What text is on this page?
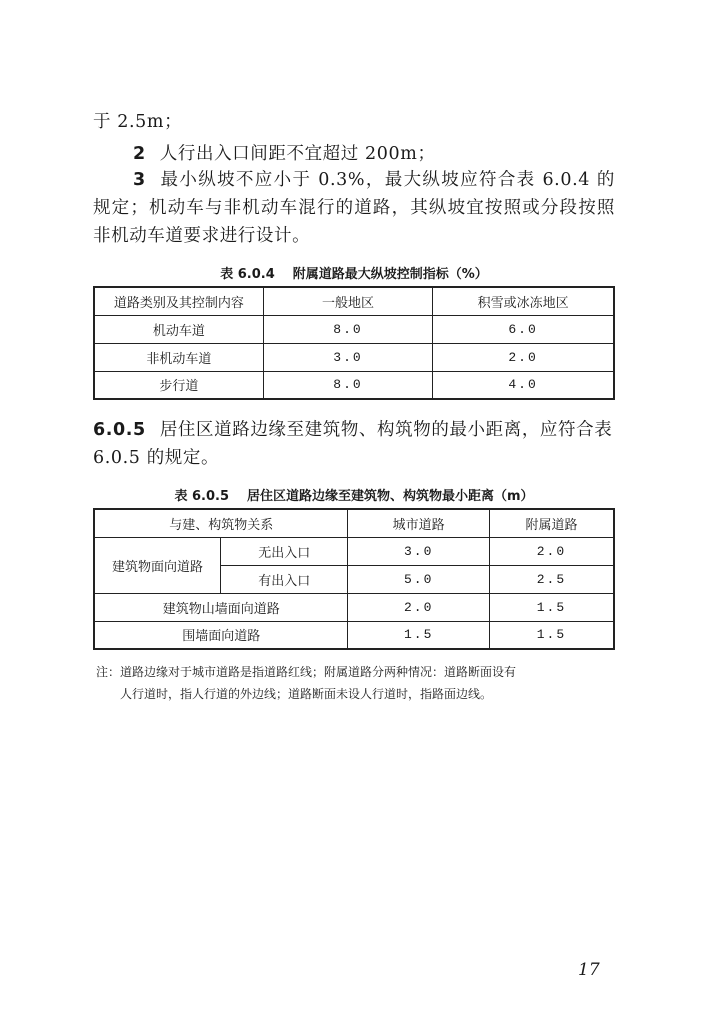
于 2.5m；
2 人行出入口间距不宜超过 200m；
3 最小纵坡不应小于 0.3%，最大纵坡应符合表 6.0.4 的规定；机动车与非机动车混行的道路，其纵坡宜按照或分段按照非机动车道要求进行设计。
表 6.0.4 附属道路最大纵坡控制指标（%）
道路类别及其控制内容	一般地区	积雪或冰冻地区
机动车道	8.0	6.0
非机动车道	3.0	2.0
步行道	8.0	4.0
6.0.5 居住区道路边缘至建筑物、构筑物的最小距离，应符合表 6.0.5 的规定。
表 6.0.5 居住区道路边缘至建筑物、构筑物最小距离（m）
与建、构筑物关系		城市道路	附属道路
建筑物面向道路	无出入口	3.0	2.0
	有出入口	5.0	2.5
建筑物山墙面向道路		2.0	1.5
围墙面向道路		1.5	1.5
注：道路边缘对于城市道路是指道路红线；附属道路分两种情况：道路断面设有
人行道时，指人行道的外边线；道路断面未设人行道时，指路面边线。
17
